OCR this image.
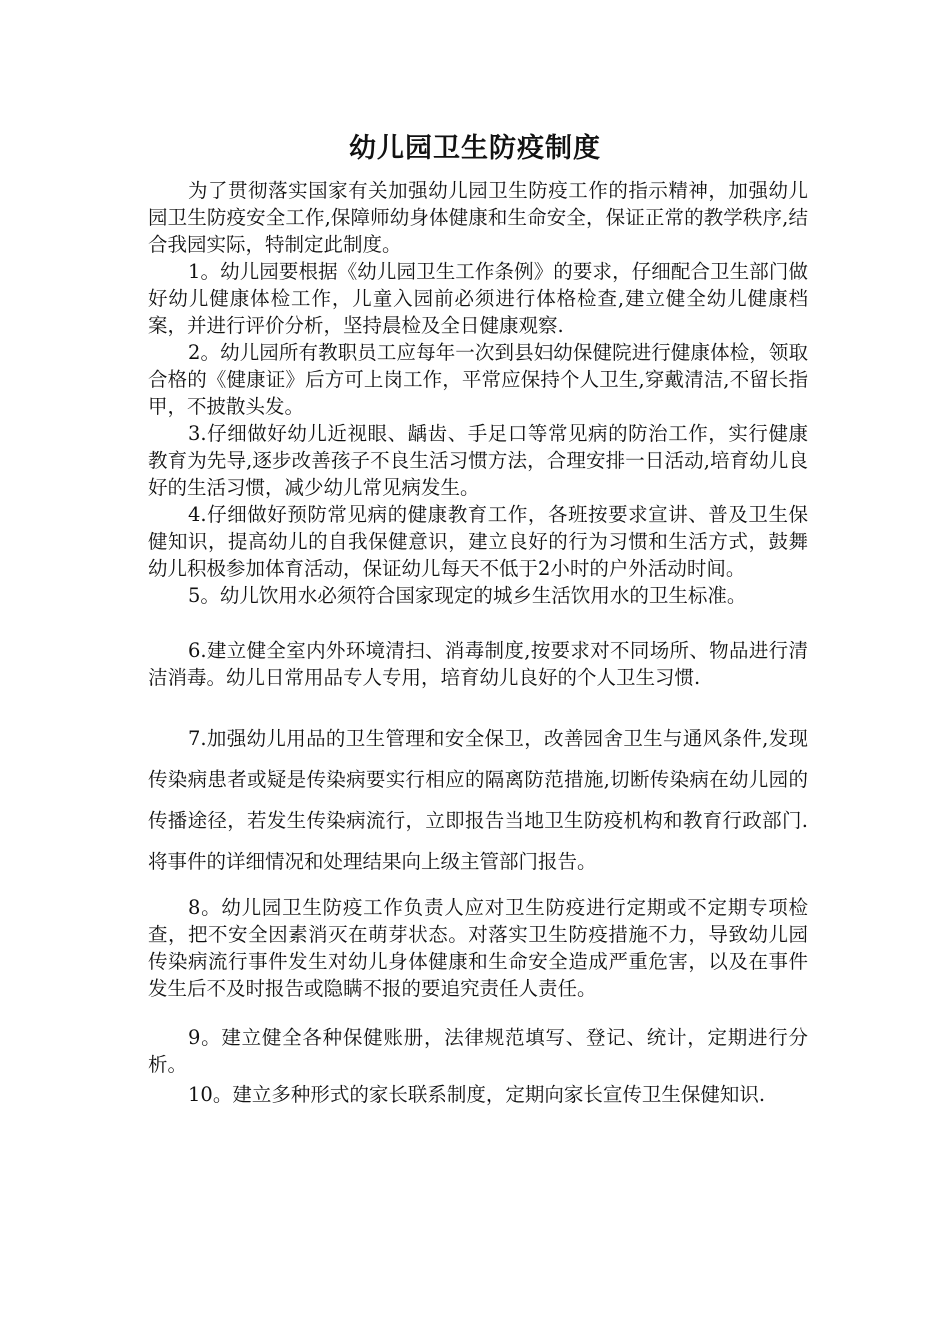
幼儿园卫生防疫制度

为了贯彻落实国家有关加强幼儿园卫生防疫工作的指示精神，加强幼儿园卫生防疫安全工作,保障师幼身体健康和生命安全，保证正常的教学秩序,结合我园实际，特制定此制度。

1。幼儿园要根据《幼儿园卫生工作条例》的要求，仔细配合卫生部门做好幼儿健康体检工作，儿童入园前必须进行体格检查,建立健全幼儿健康档案，并进行评价分析，坚持晨检及全日健康观察.

2。幼儿园所有教职员工应每年一次到县妇幼保健院进行健康体检，领取合格的《健康证》后方可上岗工作，平常应保持个人卫生,穿戴清洁,不留长指甲，不披散头发。

3.仔细做好幼儿近视眼、龋齿、手足口等常见病的防治工作，实行健康教育为先导,逐步改善孩子不良生活习惯方法，合理安排一日活动,培育幼儿良好的生活习惯，减少幼儿常见病发生。

4.仔细做好预防常见病的健康教育工作，各班按要求宣讲、普及卫生保健知识，提高幼儿的自我保健意识，建立良好的行为习惯和生活方式，鼓舞幼儿积极参加体育活动，保证幼儿每天不低于2小时的户外活动时间。

5。幼儿饮用水必须符合国家现定的城乡生活饮用水的卫生标准。

6.建立健全室内外环境清扫、消毒制度,按要求对不同场所、物品进行清洁消毒。幼儿日常用品专人专用，培育幼儿良好的个人卫生习惯.

7.加强幼儿用品的卫生管理和安全保卫，改善园舍卫生与通风条件,发现传染病患者或疑是传染病要实行相应的隔离防范措施,切断传染病在幼儿园的传播途径，若发生传染病流行，立即报告当地卫生防疫机构和教育行政部门.将事件的详细情况和处理结果向上级主管部门报告。

8。幼儿园卫生防疫工作负责人应对卫生防疫进行定期或不定期专项检查，把不安全因素消灭在萌芽状态。对落实卫生防疫措施不力，导致幼儿园传染病流行事件发生对幼儿身体健康和生命安全造成严重危害，以及在事件发生后不及时报告或隐瞒不报的要追究责任人责任。

9。建立健全各种保健账册，法律规范填写、登记、统计，定期进行分析。

10。建立多种形式的家长联系制度，定期向家长宣传卫生保健知识.
